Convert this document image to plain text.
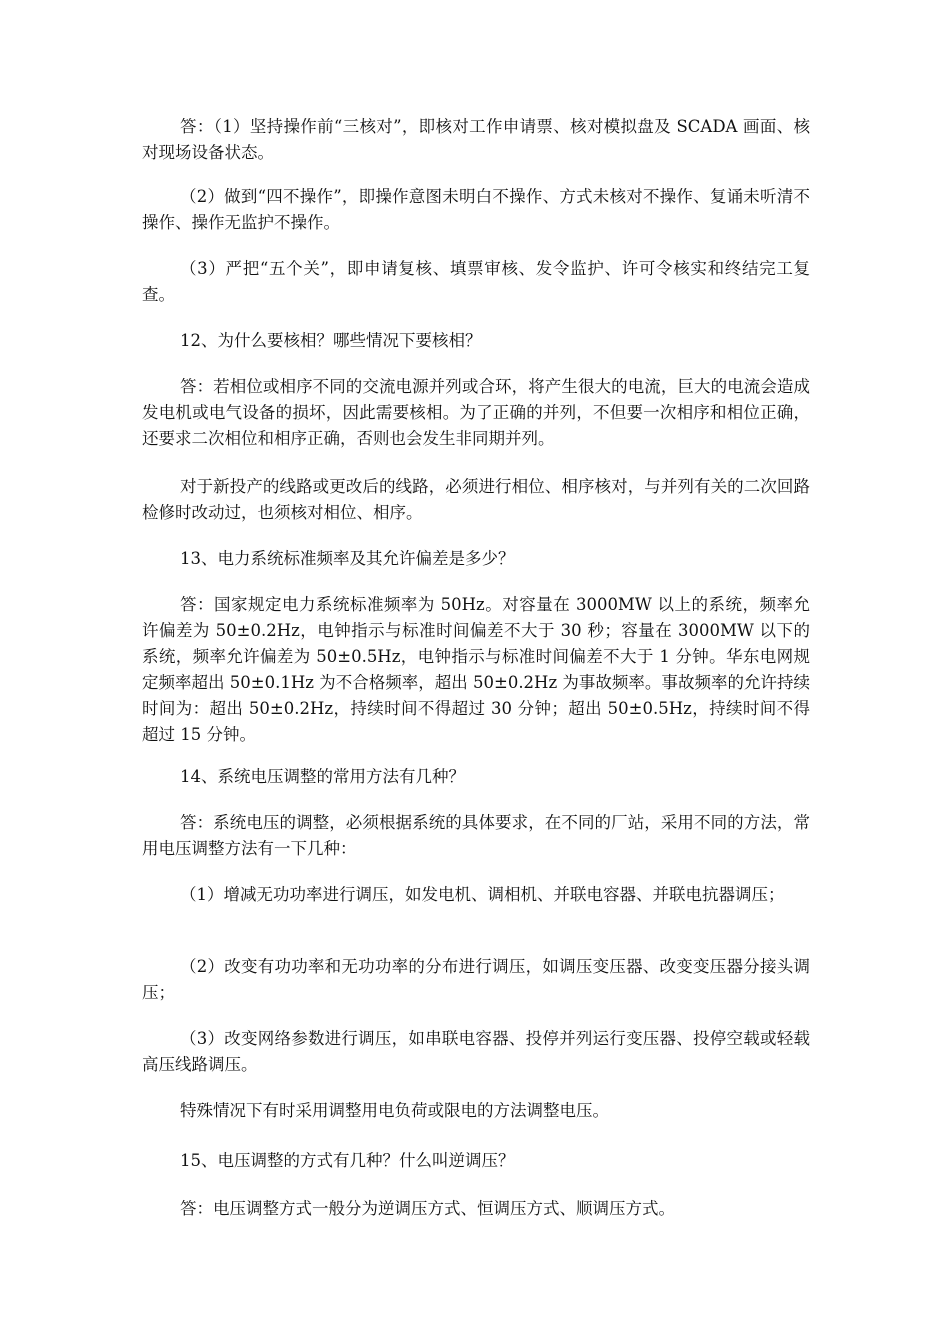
答：（1）坚持操作前“三核对”，即核对工作申请票、核对模拟盘及 SCADA 画面、核对现场设备状态。

（2）做到“四不操作”，即操作意图未明白不操作、方式未核对不操作、复诵未听清不操作、操作无监护不操作。

（3）严把“五个关”，即申请复核、填票审核、发令监护、许可令核实和终结完工复查。

12、为什么要核相？哪些情况下要核相？

答：若相位或相序不同的交流电源并列或合环，将产生很大的电流，巨大的电流会造成发电机或电气设备的损坏，因此需要核相。为了正确的并列，不但要一次相序和相位正确，还要求二次相位和相序正确，否则也会发生非同期并列。

对于新投产的线路或更改后的线路，必须进行相位、相序核对，与并列有关的二次回路检修时改动过，也须核对相位、相序。

13、电力系统标准频率及其允许偏差是多少？

答：国家规定电力系统标准频率为 50Hz。对容量在 3000MW 以上的系统，频率允许偏差为 50±0.2Hz，电钟指示与标准时间偏差不大于 30 秒；容量在 3000MW 以下的系统，频率允许偏差为 50±0.5Hz，电钟指示与标准时间偏差不大于 1 分钟。华东电网规定频率超出 50±0.1Hz 为不合格频率，超出 50±0.2Hz 为事故频率。事故频率的允许持续时间为：超出 50±0.2Hz，持续时间不得超过 30 分钟；超出 50±0.5Hz，持续时间不得超过 15 分钟。

14、系统电压调整的常用方法有几种？

答：系统电压的调整，必须根据系统的具体要求，在不同的厂站，采用不同的方法，常用电压调整方法有一下几种：

（1）增减无功功率进行调压，如发电机、调相机、并联电容器、并联电抗器调压；

（2）改变有功功率和无功功率的分布进行调压，如调压变压器、改变变压器分接头调压；

（3）改变网络参数进行调压，如串联电容器、投停并列运行变压器、投停空载或轻载高压线路调压。

特殊情况下有时采用调整用电负荷或限电的方法调整电压。

15、电压调整的方式有几种？什么叫逆调压？

答：电压调整方式一般分为逆调压方式、恒调压方式、顺调压方式。
